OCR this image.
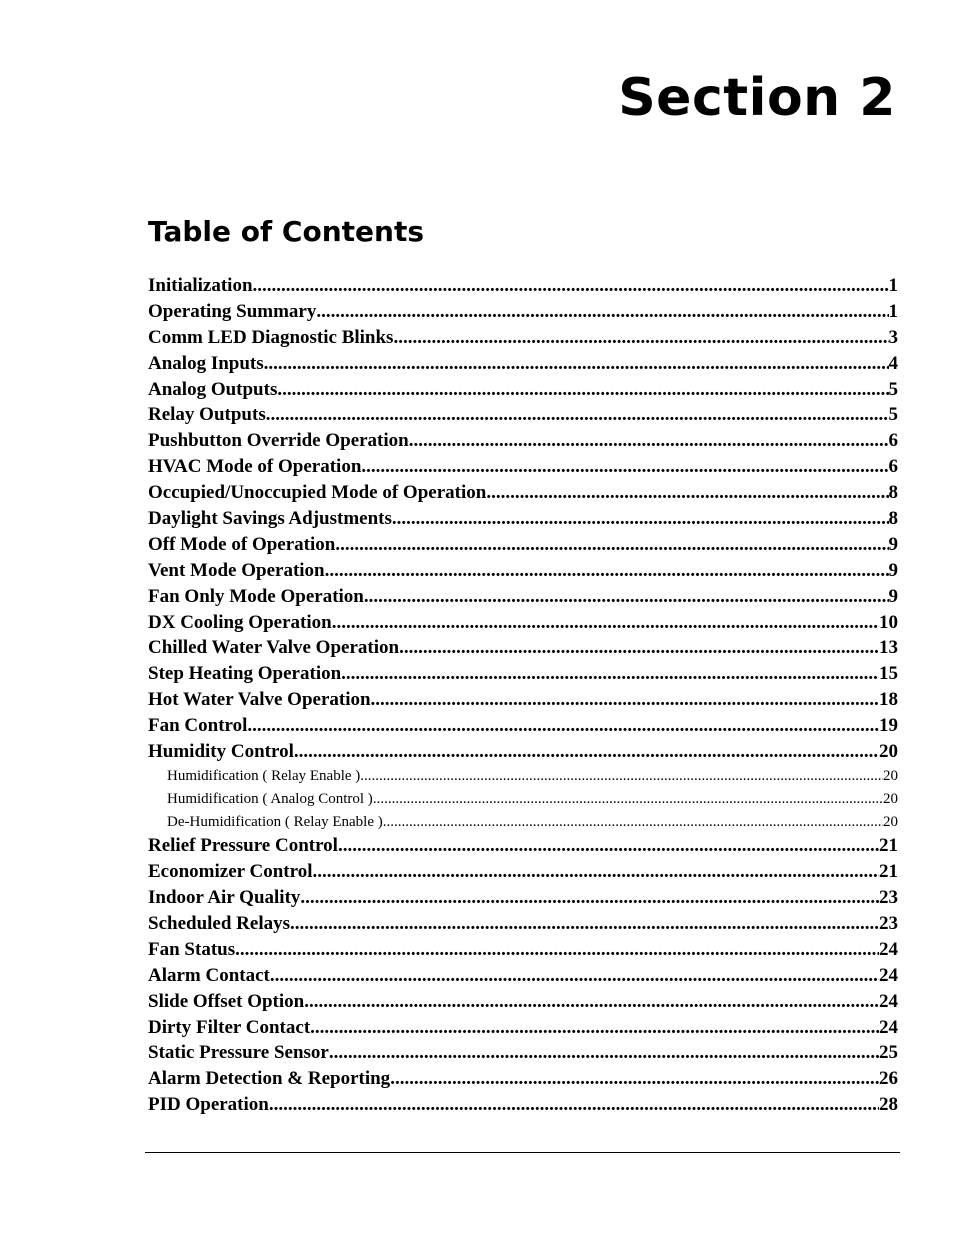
Section 2
Table of Contents
Initialization .....	1
Operating Summary .....	1
Comm LED Diagnostic Blinks .....	3
Analog Inputs .....	4
Analog Outputs .....	5
Relay Outputs .....	5
Pushbutton Override Operation .....	6
HVAC Mode of Operation .....	6
Occupied/Unoccupied Mode of Operation .....	8
Daylight Savings Adjustments .....	8
Off Mode of Operation .....	9
Vent Mode Operation .....	9
Fan Only Mode Operation .....	9
DX Cooling Operation .....	10
Chilled Water Valve Operation .....	13
Step Heating Operation .....	15
Hot Water Valve Operation .....	18
Fan Control .....	19
Humidity Control .....	20
Humidification ( Relay Enable ) .....	20
Humidification ( Analog Control ) .....	20
De-Humidification ( Relay Enable ) .....	20
Relief Pressure Control .....	21
Economizer Control .....	21
Indoor Air Quality .....	23
Scheduled Relays .....	23
Fan Status .....	24
Alarm Contact .....	24
Slide Offset Option .....	24
Dirty Filter Contact .....	24
Static Pressure Sensor .....	25
Alarm Detection & Reporting .....	26
PID Operation .....	28
